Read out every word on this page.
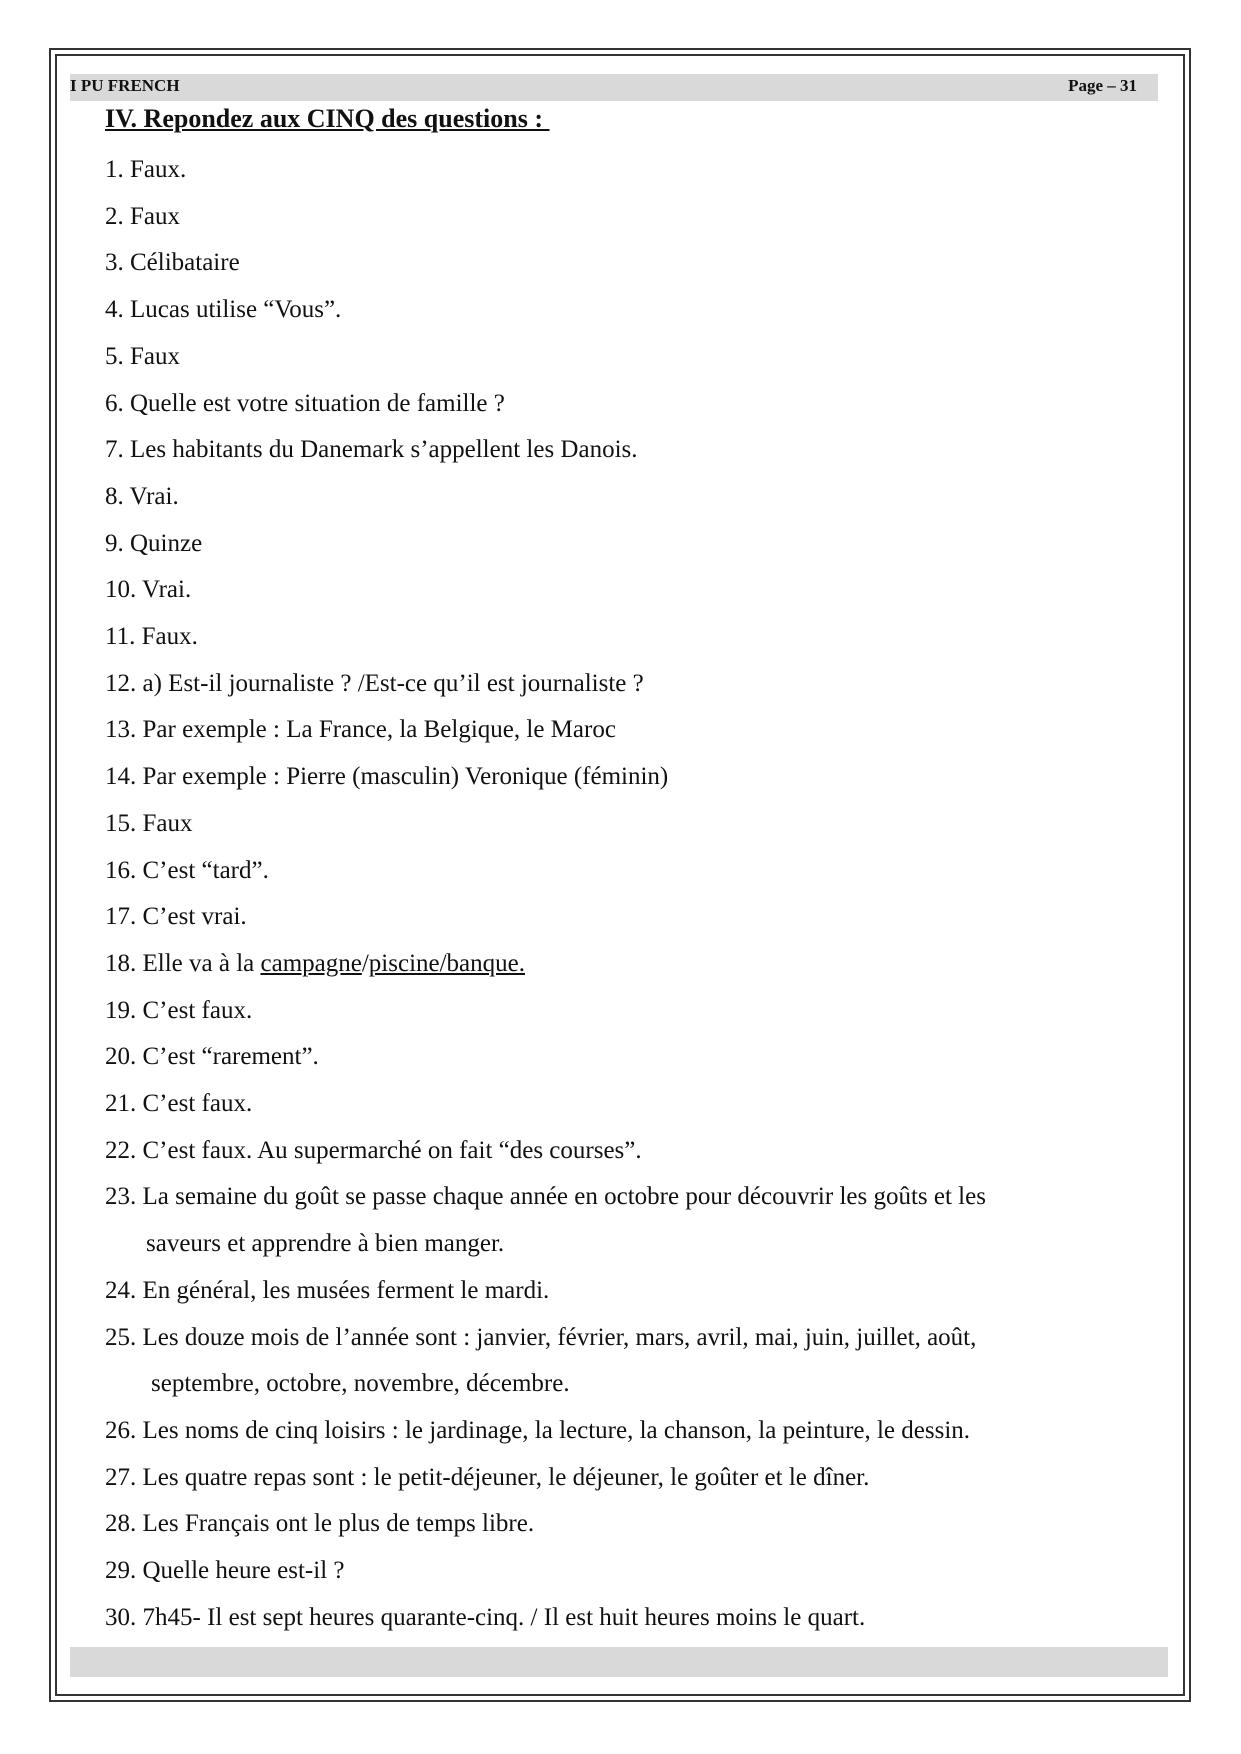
I PU FRENCH	Page – 31
IV. Repondez aux CINQ des questions :
1. Faux.
2. Faux
3. Célibataire
4. Lucas utilise “Vous”.
5. Faux
6. Quelle est votre situation de famille ?
7. Les habitants du Danemark s’appellent les Danois.
8. Vrai.
9. Quinze
10. Vrai.
11. Faux.
12. a) Est-il journaliste ? /Est-ce qu’il est journaliste ?
13. Par exemple : La France, la Belgique, le Maroc
14. Par exemple : Pierre (masculin) Veronique (féminin)
15. Faux
16. C’est “tard”.
17. C’est vrai.
18. Elle va à la campagne/piscine/banque.
19. C’est faux.
20. C’est “rarement”.
21. C’est faux.
22. C’est faux. Au supermarché on fait “des courses”.
23. La semaine du goût se passe chaque année en octobre pour découvrir les goûts et les
saveurs et apprendre à bien manger.
24. En général, les musées ferment le mardi.
25. Les douze mois de l’année sont : janvier, février, mars, avril, mai, juin, juillet, août,
septembre, octobre, novembre, décembre.
26. Les noms de cinq loisirs : le jardinage, la lecture, la chanson, la peinture, le dessin.
27. Les quatre repas sont : le petit-déjeuner, le déjeuner, le goûter et le dîner.
28. Les Français ont le plus de temps libre.
29. Quelle heure est-il ?
30. 7h45- Il est sept heures quarante-cinq. / Il est huit heures moins le quart.
